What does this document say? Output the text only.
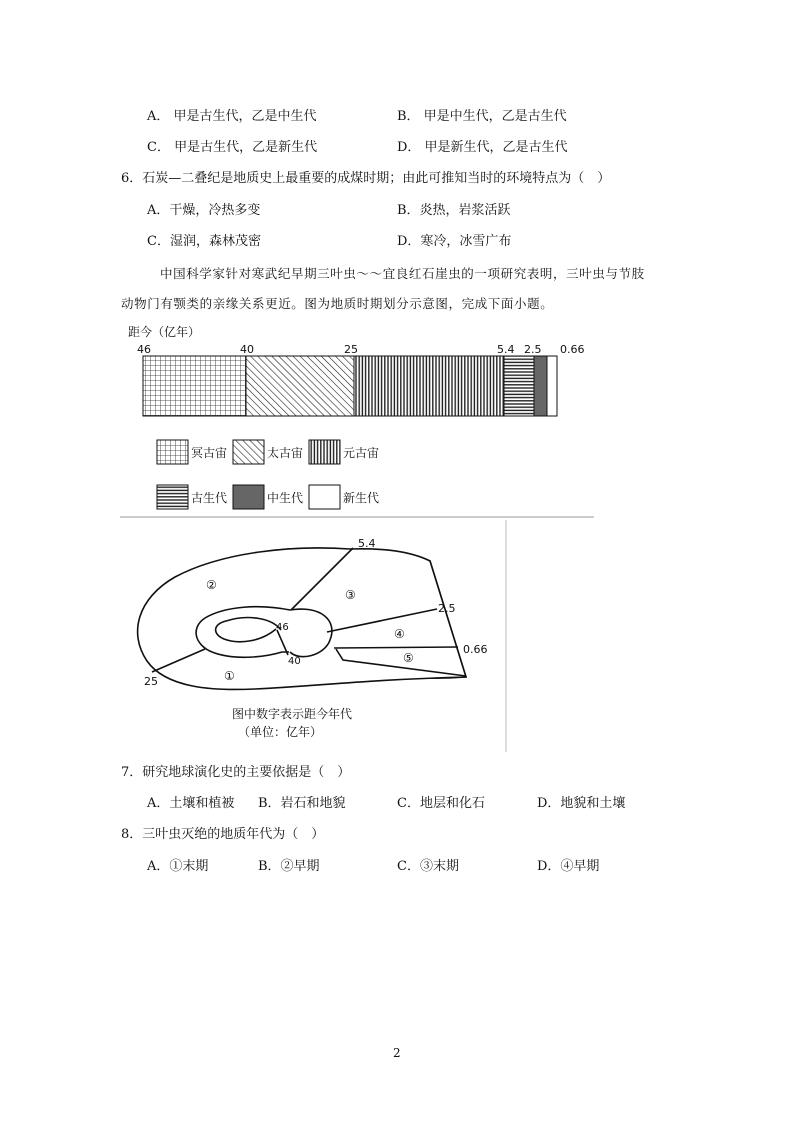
A． 甲是古生代，乙是中生代	B． 甲是中生代，乙是古生代
C． 甲是古生代，乙是新生代	D． 甲是新生代，乙是古生代
6．石炭—二叠纪是地质史上最重要的成煤时期；由此可推知当时的环境特点为（　）
A．干燥，冷热多变	B．炎热，岩浆活跃
C．湿润，森林茂密	D．寒冷，冰雪广布
中国科学家针对寒武纪早期三叶虫～～宜良红石崖虫的一项研究表明，三叶虫与节肢
动物门有颚类的亲缘关系更近。图为地质时期划分示意图，完成下面小题。
距今（亿年）
46	40	25	5.4 2.5 0.66
冥古宙	太古宙	元古宙
古生代	中生代	新生代
②
③
④
⑤
①
5.4
2.5
0.66
46
40
25
图中数字表示距今年代
（单位：亿年）
7．研究地球演化史的主要依据是（　）
A．土壤和植被 B．岩石和地貌	C．地层和化石	D．地貌和土壤
8．三叶虫灭绝的地质年代为（　）
A．①末期	B．②早期	C．③末期	D．④早期
2
